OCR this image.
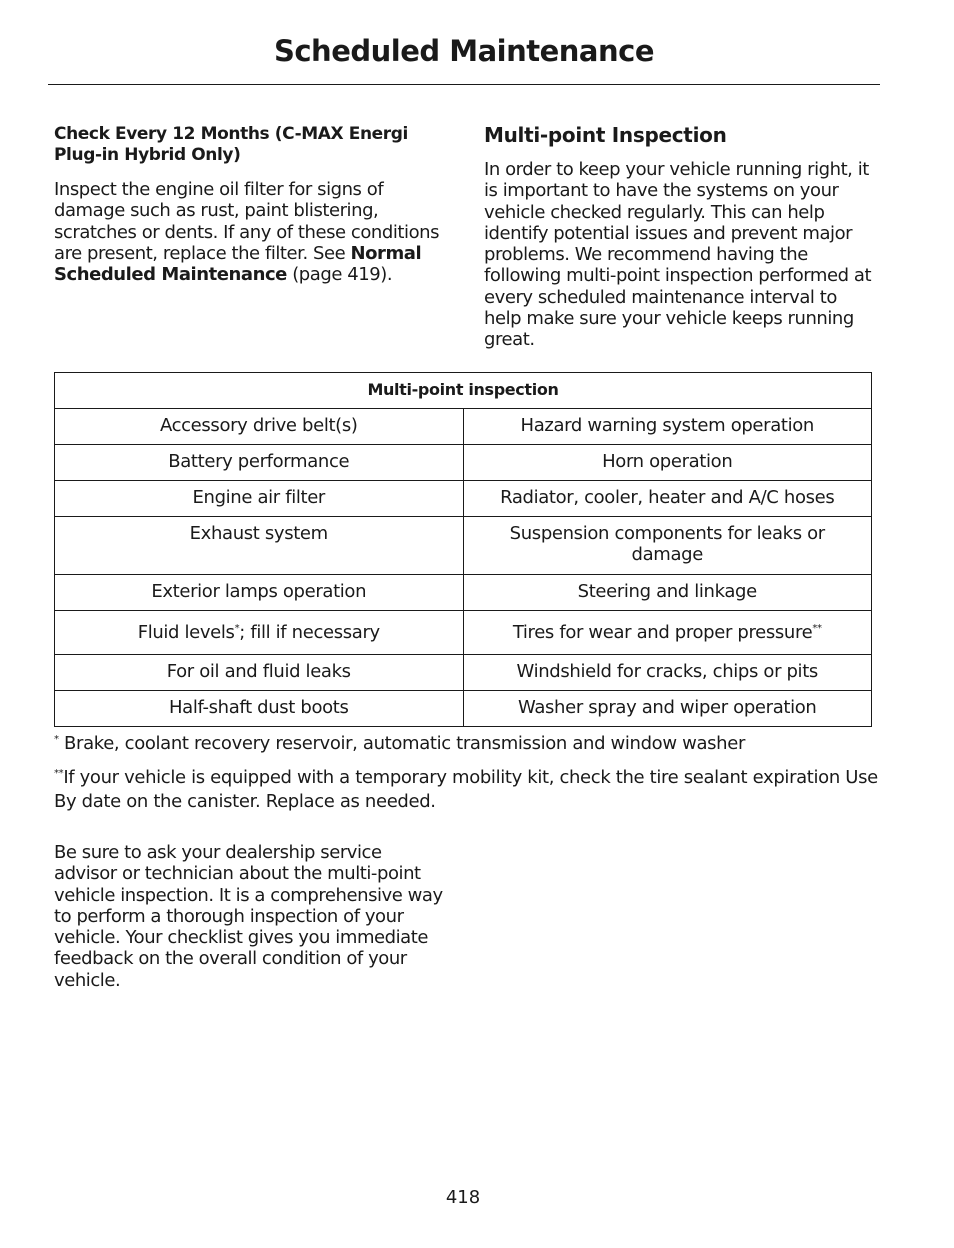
Scheduled Maintenance
Check Every 12 Months (C-MAX Energi Plug-in Hybrid Only)
Inspect the engine oil filter for signs of damage such as rust, paint blistering, scratches or dents. If any of these conditions are present, replace the filter. See Normal Scheduled Maintenance (page 419).
Multi-point Inspection
In order to keep your vehicle running right, it is important to have the systems on your vehicle checked regularly. This can help identify potential issues and prevent major problems. We recommend having the following multi-point inspection performed at every scheduled maintenance interval to help make sure your vehicle keeps running great.
Multi-point inspection	
Accessory drive belt(s)	Hazard warning system operation
Battery performance	Horn operation
Engine air filter	Radiator, cooler, heater and A/C hoses
Exhaust system	Suspension components for leaks or damage
Exterior lamps operation	Steering and linkage
Fluid levels*; fill if necessary	Tires for wear and proper pressure**
For oil and fluid leaks	Windshield for cracks, chips or pits
Half-shaft dust boots	Washer spray and wiper operation

* Brake, coolant recovery reservoir, automatic transmission and window washer

**If your vehicle is equipped with a temporary mobility kit, check the tire sealant expiration Use By date on the canister. Replace as needed.

Be sure to ask your dealership service advisor or technician about the multi-point vehicle inspection. It is a comprehensive way to perform a thorough inspection of your vehicle. Your checklist gives you immediate feedback on the overall condition of your vehicle.
418
